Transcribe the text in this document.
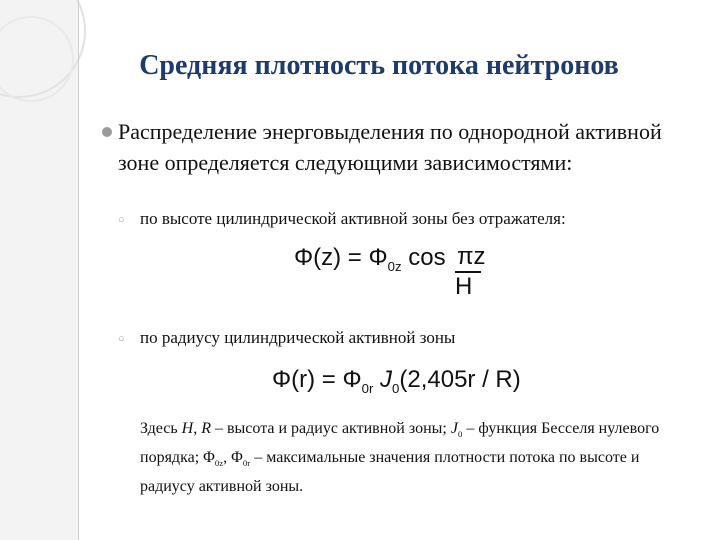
Средняя плотность потока нейтронов
Распределение энерговыделения по однородной активной зоне определяется следующими зависимостями:
○ по высоте цилиндрической активной зоны без отражателя:
$\Phi(z) = \Phi_{0z}$ cos πz
H
○ по радиусу цилиндрической активной зоны
$\Phi(r) = \Phi_{0r}$ $J_0(2,405r / R)$
Здесь H, R – высота и радиус активной зоны; $J_0$ – функция Бесселя нулевого порядка; $\Phi_{0z}$, $\Phi_{0r}$ – максимальные значения плотности потока по высоте и радиусу активной зоны.
